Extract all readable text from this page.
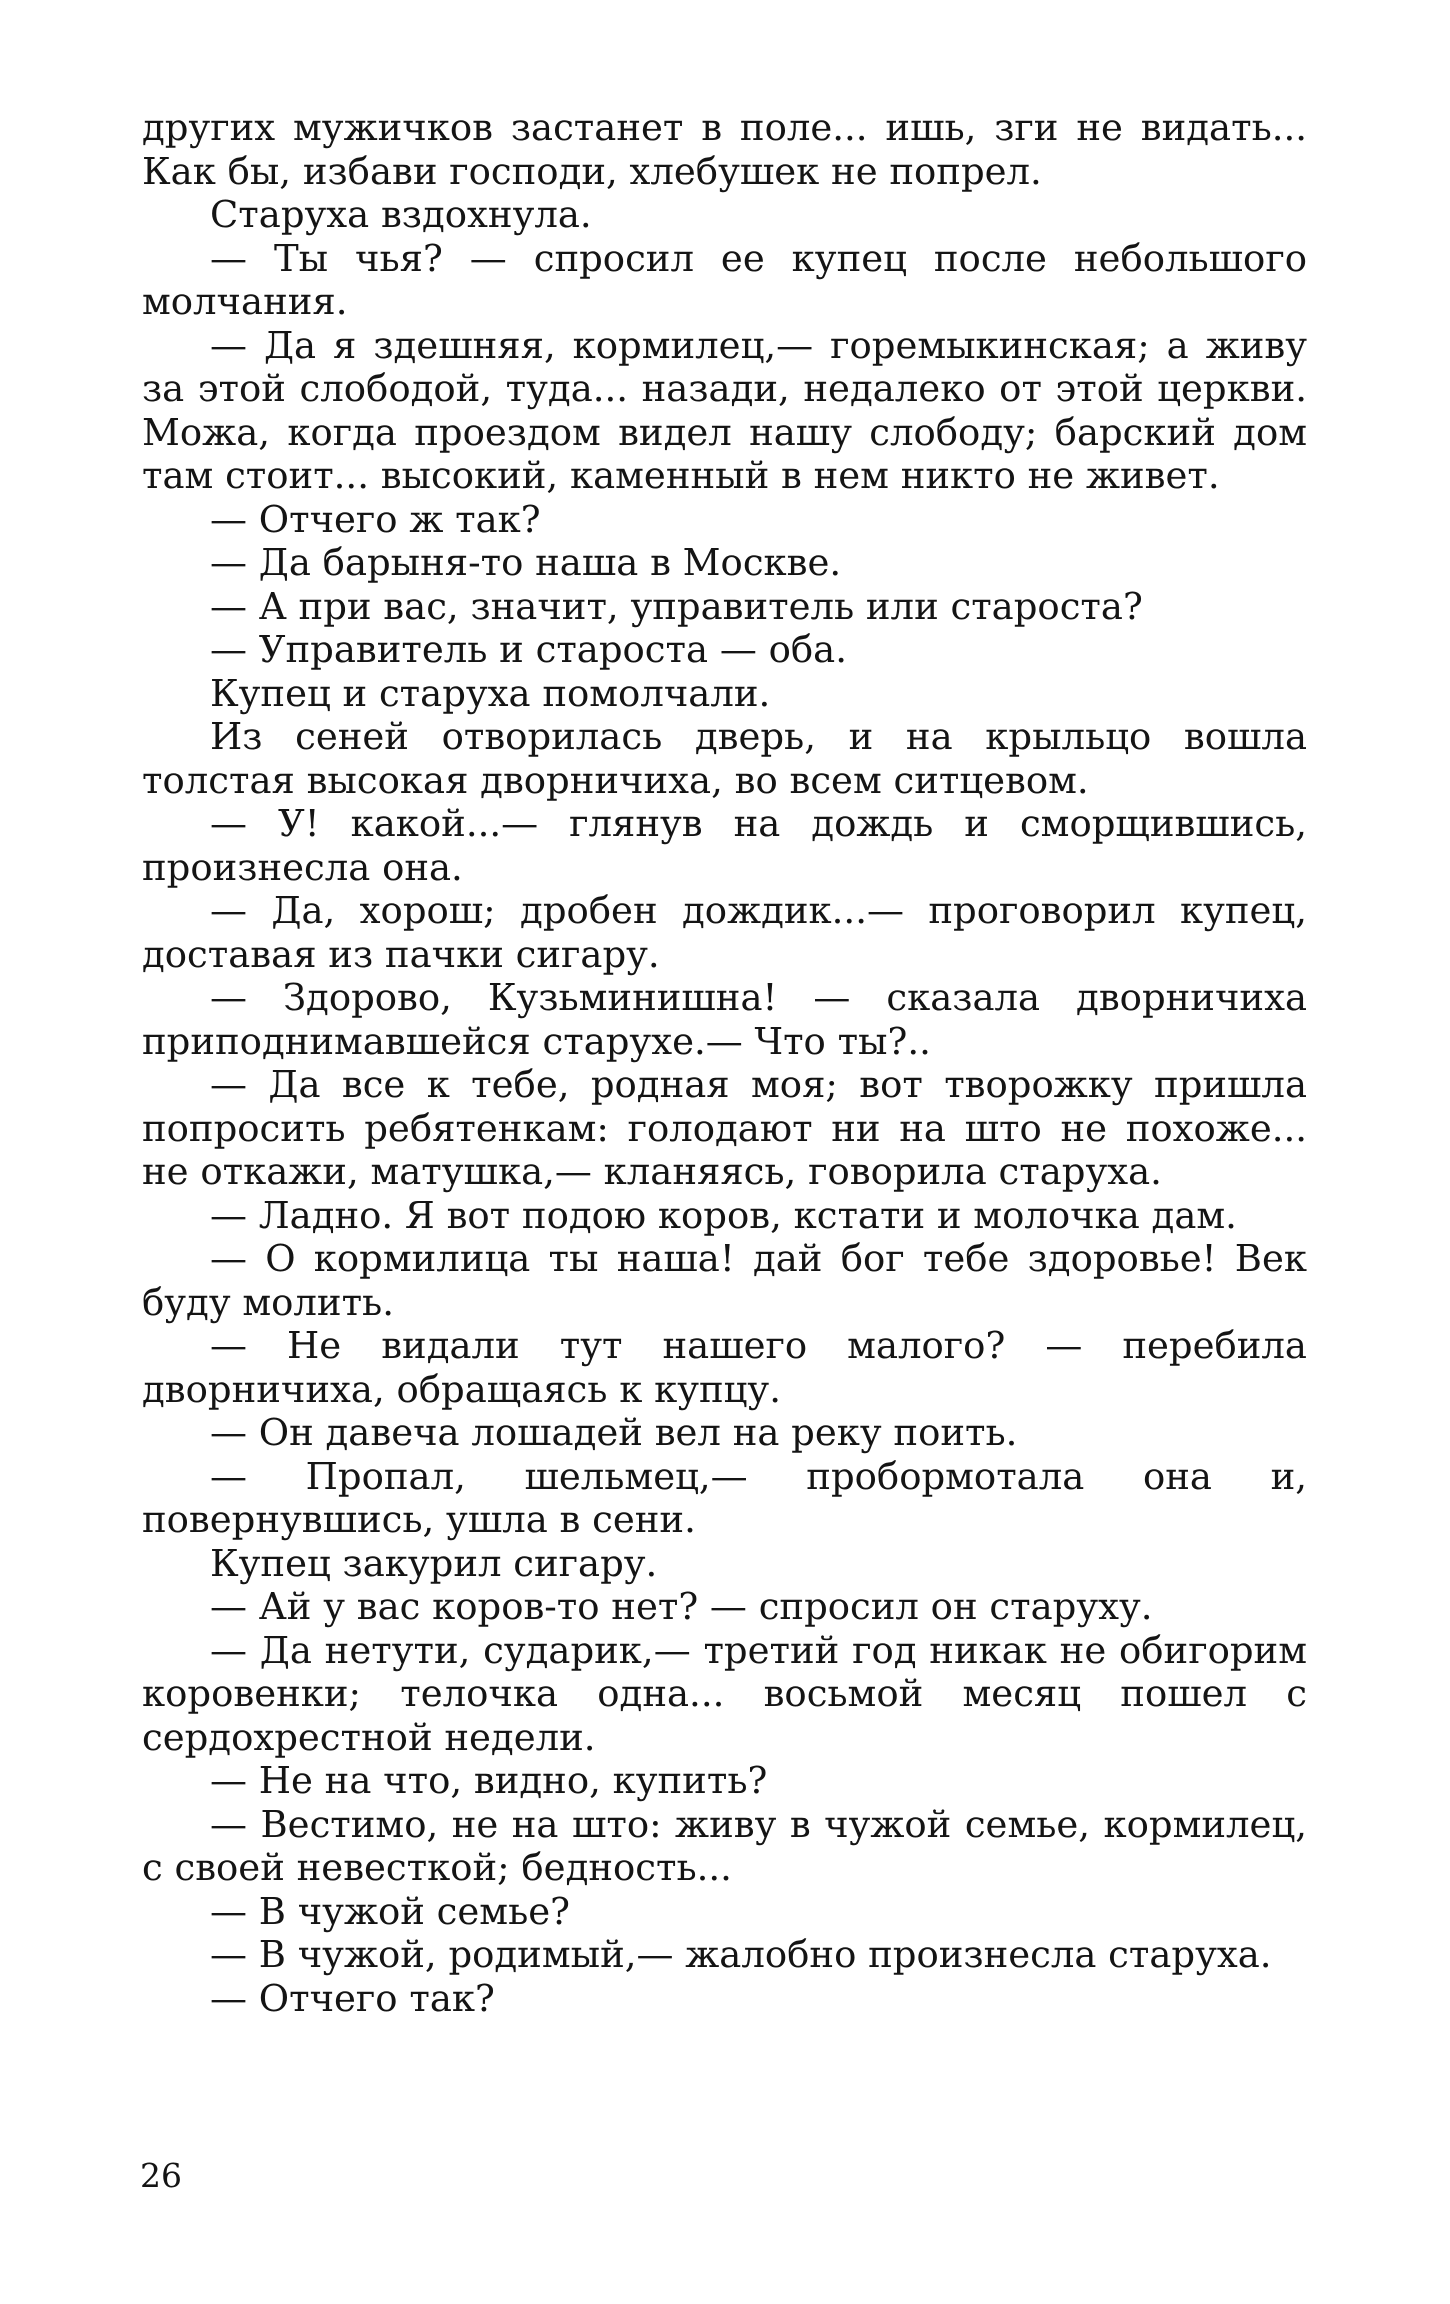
других мужичков застанет в поле... ишь, зги не видать... Как бы, избави господи, хлебушек не попрел.

Старуха вздохнула.

— Ты чья? — спросил ее купец после небольшого молчания.

— Да я здешняя, кормилец,— горемыкинская; а живу за этой слободой, туда... назади, недалеко от этой церкви. Можа, когда проездом видел нашу слободу; барский дом там стоит... высокий, каменный в нем никто не живет.

— Отчего ж так?

— Да барыня-то наша в Москве.

— А при вас, значит, управитель или староста?

— Управитель и староста — оба.

Купец и старуха помолчали.

Из сеней отворилась дверь, и на крыльцо вошла толстая высокая дворничиха, во всем ситцевом.

— У! какой...— глянув на дождь и сморщившись, произнесла она.

— Да, хорош; дробен дождик...— проговорил купец, доставая из пачки сигару.

— Здорово, Кузьминишна! — сказала дворничиха приподнимавшейся старухе.— Что ты?..

— Да все к тебе, родная моя; вот творожку пришла попросить ребятенкам: голодают ни на што не похоже... не откажи, матушка,— кланяясь, говорила старуха.

— Ладно. Я вот подою коров, кстати и молочка дам.

— О кормилица ты наша! дай бог тебе здоровье! Век буду молить.

— Не видали тут нашего малого? — перебила дворничиха, обращаясь к купцу.

— Он давеча лошадей вел на реку поить.

— Пропал, шельмец,— пробормотала она и, повернувшись, ушла в сени.

Купец закурил сигару.

— Ай у вас коров-то нет? — спросил он старуху.

— Да нетути, сударик,— третий год никак не обигорим коровенки; телочка одна... восьмой месяц пошел с сердохрестной недели.

— Не на что, видно, купить?

— Вестимо, не на што: живу в чужой семье, кормилец, с своей невесткой; бедность...

— В чужой семье?

— В чужой, родимый,— жалобно произнесла старуха.

— Отчего так?

26
